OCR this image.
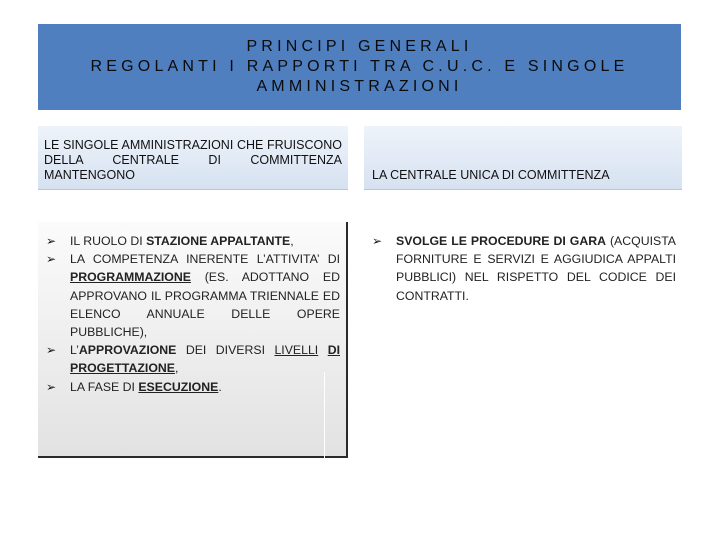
PRINCIPI GENERALI
REGOLANTI I RAPPORTI TRA C.U.C. E SINGOLE
AMMINISTRAZIONI
LE SINGOLE AMMINISTRAZIONI CHE FRUISCONO DELLA CENTRALE DI COMMITTENZA MANTENGONO	LA CENTRALE UNICA DI COMMITTENZA
➢ IL RUOLO DI STAZIONE APPALTANTE,
➢ LA COMPETENZA INERENTE L’ATTIVITA’ DI PROGRAMMAZIONE (ES. ADOTTANO ED APPROVANO IL PROGRAMMA TRIENNALE ED ELENCO ANNUALE DELLE OPERE PUBBLICHE),
➢ L’APPROVAZIONE DEI DIVERSI LIVELLI DI PROGETTAZIONE,
➢ LA FASE DI ESECUZIONE.
➢ SVOLGE LE PROCEDURE DI GARA (ACQUISTA FORNITURE E SERVIZI E AGGIUDICA APPALTI PUBBLICI) NEL RISPETTO DEL CODICE DEI CONTRATTI.
